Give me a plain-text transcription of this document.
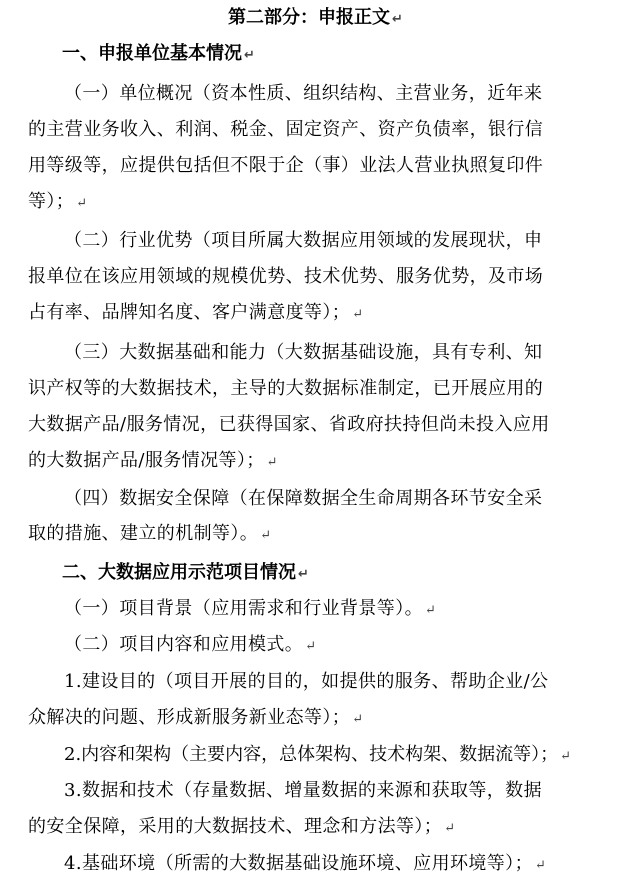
第二部分：申报正文 ↵
一、申报单位基本情况 ↵
（一）单位概况（资本性质、组织结构、主营业务，近年来
的主营业务收入、利润、税金、固定资产、资产负债率，银行信
用等级等，应提供包括但不限于企（事）业法人营业执照复印件
等）； ↵
（二）行业优势（项目所属大数据应用领域的发展现状，申
报单位在该应用领域的规模优势、技术优势、服务优势，及市场
占有率、品牌知名度、客户满意度等）； ↵
（三）大数据基础和能力（大数据基础设施，具有专利、知
识产权等的大数据技术，主导的大数据标准制定，已开展应用的
大数据产品/服务情况，已获得国家、省政府扶持但尚未投入应用
的大数据产品/服务情况等）； ↵
（四）数据安全保障（在保障数据全生命周期各环节安全采
取的措施、建立的机制等）。 ↵
二、大数据应用示范项目情况 ↵
（一）项目背景（应用需求和行业背景等）。 ↵
（二）项目内容和应用模式。 ↵
1.建设目的（项目开展的目的，如提供的服务、帮助企业/公
众解决的问题、形成新服务新业态等）； ↵
2.内容和架构（主要内容，总体架构、技术构架、数据流等）； ↵
3.数据和技术（存量数据、增量数据的来源和获取等，数据
的安全保障，采用的大数据技术、理念和方法等）； ↵
4.基础环境（所需的大数据基础设施环境、应用环境等）； ↵
